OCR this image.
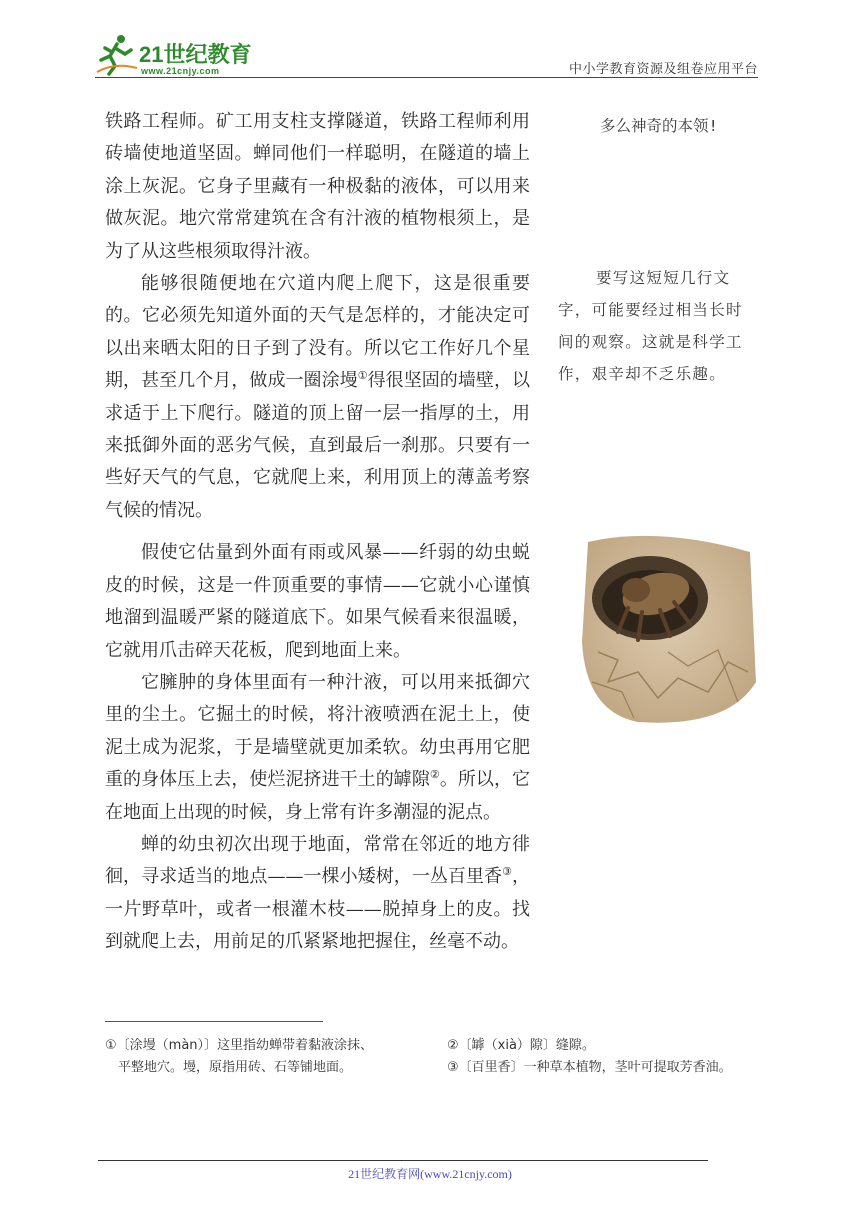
21世纪教育
www.21cnjy.com	中小学教育资源及组卷应用平台

铁路工程师。矿工用支柱支撑隧道，铁路工程师利用砖墙使地道坚固。蝉同他们一样聪明，在隧道的墙上涂上灰泥。它身子里藏有一种极黏的液体，可以用来做灰泥。地穴常常建筑在含有汁液的植物根须上，是为了从这些根须取得汁液。

能够很随便地在穴道内爬上爬下，这是很重要的。它必须先知道外面的天气是怎样的，才能决定可以出来晒太阳的日子到了没有。所以它工作好几个星期，甚至几个月，做成一圈涂墁①得很坚固的墙壁，以求适于上下爬行。隧道的顶上留一层一指厚的土，用来抵御外面的恶劣气候，直到最后一刹那。只要有一些好天气的气息，它就爬上来，利用顶上的薄盖考察气候的情况。

假使它估量到外面有雨或风暴——纤弱的幼虫蜕皮的时候，这是一件顶重要的事情——它就小心谨慎地溜到温暖严紧的隧道底下。如果气候看来很温暖，它就用爪击碎天花板，爬到地面上来。

它臃肿的身体里面有一种汁液，可以用来抵御穴里的尘土。它掘土的时候，将汁液喷洒在泥土上，使泥土成为泥浆，于是墙壁就更加柔软。幼虫再用它肥重的身体压上去，使烂泥挤进干土的罅隙②。所以，它在地面上出现的时候，身上常有许多潮湿的泥点。

蝉的幼虫初次出现于地面，常常在邻近的地方徘徊，寻求适当的地点——一棵小矮树，一丛百里香③，一片野草叶，或者一根灌木枝——脱掉身上的皮。找到就爬上去，用前足的爪紧紧地把握住，丝毫不动。

多么神奇的本领!
要写这短短几行文字，可能要经过相当长时间的观察。这就是科学工作，艰辛却不乏乐趣。
①〔涂墁（màn）〕这里指幼蝉带着黏液涂抹、
平整地穴。墁，原指用砖、石等铺地面。
②〔罅（xià）隙〕缝隙。
③〔百里香〕一种草本植物，茎叶可提取芳香油。
21世纪教育网(www.21cnjy.com)
